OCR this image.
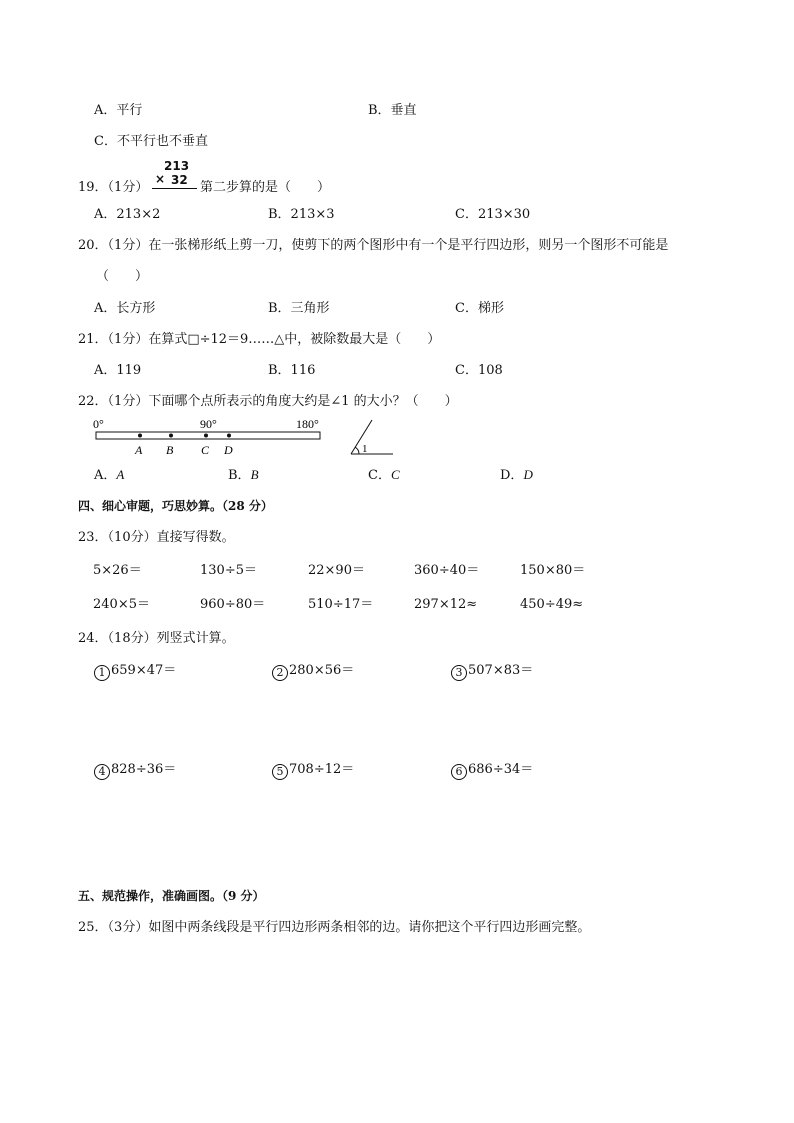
A．平行	B．垂直
C．不平行也不垂直
19．（1分）
213
× 32 第二步算的是（　　）
A．213×2	B．213×3	C．213×30
20．（1分）在一张梯形纸上剪一刀，使剪下的两个图形中有一个是平行四边形，则另一个图形不可能是
（　　）
A．长方形	B．三角形	C．梯形
21．（1分）在算式□÷12＝9……△中，被除数最大是（　　）
A．119	B．116	C．108
22．（1分）下面哪个点所表示的角度大约是∠1 的大小？（　　）
0°	90°	180°
A B C D	1
A．A	B．B	C．C	D．D
四、细心审题，巧思妙算。（28 分）
23．（10分）直接写得数。
5×26＝	130÷5＝	22×90＝	360÷40＝	150×80＝
240×5＝	960÷80＝	510÷17＝	297×12≈	450÷49≈
24．（18分）列竖式计算。
1 659×47＝	2 280×56＝	3 507×83＝
4 828÷36＝	5 708÷12＝	6 686÷34＝
五、规范操作，准确画图。（9 分）
25．（3分）如图中两条线段是平行四边形两条相邻的边。请你把这个平行四边形画完整。
